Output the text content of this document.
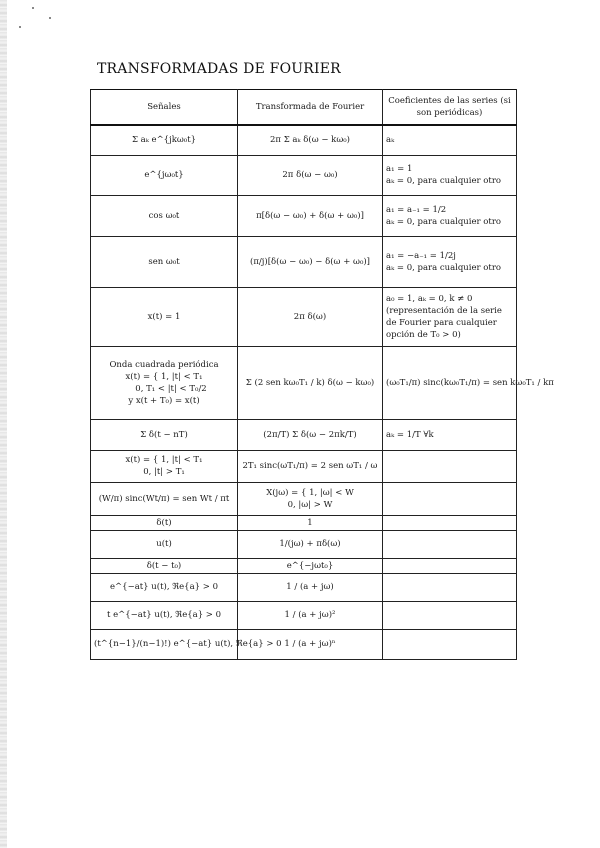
TRANSFORMADAS DE FOURIER
Señales	Transformada de Fourier	Coeficientes de las series (si son periódicas)

Σ aₖ e^{jkω₀t}	2π Σ aₖ δ(ω − kω₀)	aₖ

e^{jω₀t}	2π δ(ω − ω₀)	a₁ = 1
aₖ = 0, para cualquier otro

cos ω₀t	π[δ(ω − ω₀) + δ(ω + ω₀)]	a₁ = a₋₁ = 1/2
aₖ = 0, para cualquier otro

sen ω₀t	(π/j)[δ(ω − ω₀) − δ(ω + ω₀)]	a₁ = −a₋₁ = 1/2j
aₖ = 0, para cualquier otro

x(t) = 1	2π δ(ω)	a₀ = 1, aₖ = 0, k ≠ 0
(representación de la serie
de Fourier para cualquier
opción de T₀ > 0)

Onda cuadrada periódica
x(t) = { 1, |t| < T₁
0, T₁ < |t| < T₀/2
y x(t + T₀) = x(t)	Σ (2 sen kω₀T₁ / k) δ(ω − kω₀)	(ω₀T₁/π) sinc(kω₀T₁/π) = sen kω₀T₁ / kπ

Σ δ(t − nT)	(2π/T) Σ δ(ω − 2πk/T)	aₖ = 1/T ∀k

x(t) = { 1, |t| < T₁
0, |t| > T₁	2T₁ sinc(ωT₁/π) = 2 sen ωT₁ / ω	

(W/π) sinc(Wt/π) = sen Wt / πt	X(jω) = { 1, |ω| < W
0, |ω| > W	

δ(t)	1	

u(t)	1/(jω) + πδ(ω)	

δ(t − t₀)	e^{−jωt₀}	

e^{−at} u(t), ℜe{a} > 0	1 / (a + jω)	

t e^{−at} u(t), ℜe{a} > 0	1 / (a + jω)²	

(t^{n−1}/(n−1)!) e^{−at} u(t), ℜe{a} > 0	1 / (a + jω)ⁿ	
